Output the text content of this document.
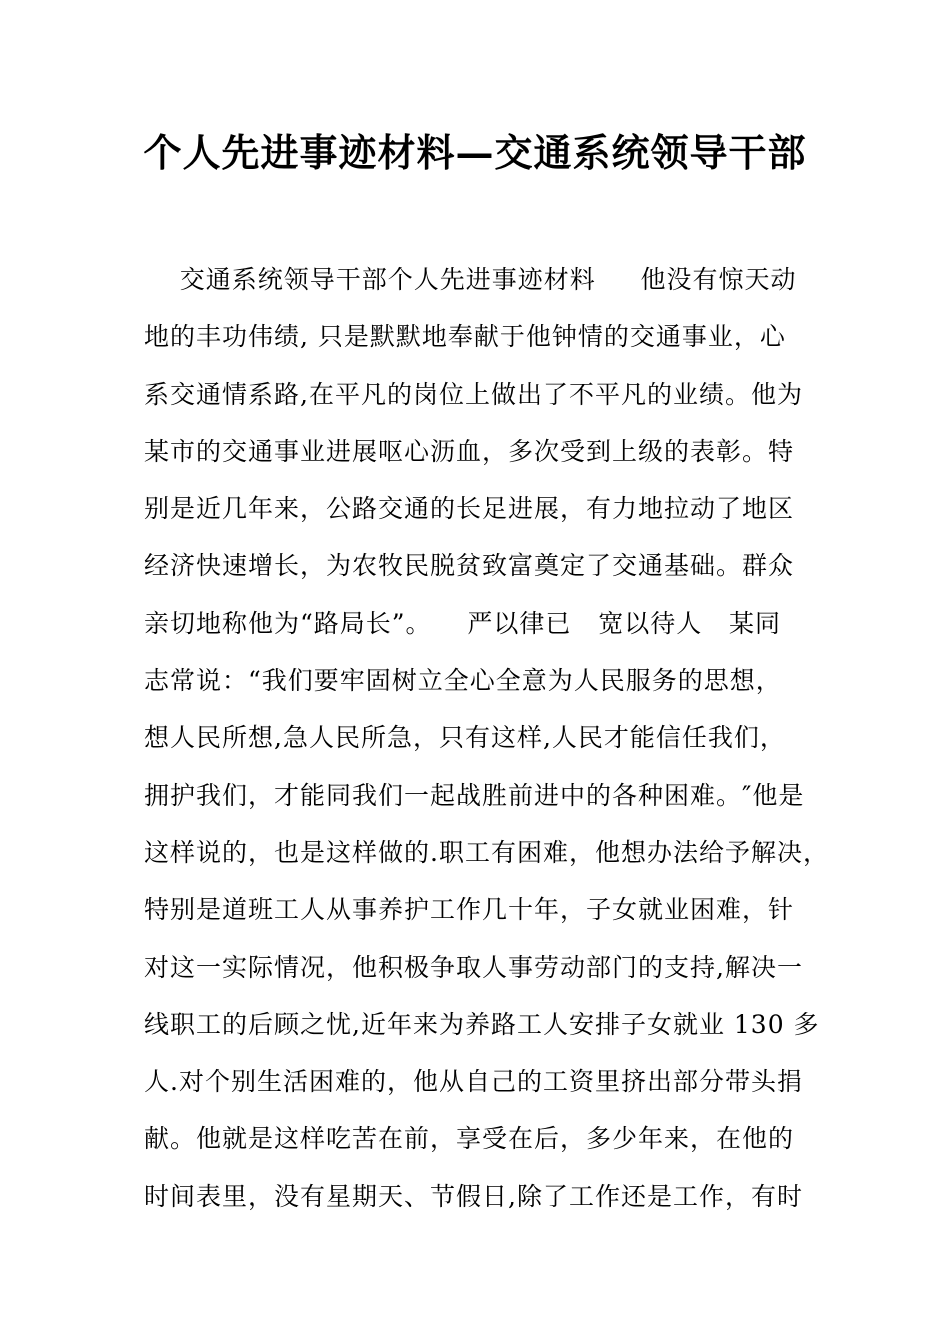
个人先进事迹材料—交通系统领导干部
交通系统领导干部个人先进事迹材料     他没有惊天动
地的丰功伟绩, 只是默默地奉献于他钟情的交通事业，心
系交通情系路,在平凡的岗位上做出了不平凡的业绩。他为
某市的交通事业进展呕心沥血，多次受到上级的表彰。特
别是近几年来，公路交通的长足进展，有力地拉动了地区
经济快速增长，为农牧民脱贫致富奠定了交通基础。群众
亲切地称他为“路局长”。    严以律已   宽以待人   某同
志常说：“我们要牢固树立全心全意为人民服务的思想，
想人民所想,急人民所急，只有这样,人民才能信任我们，
拥护我们，才能同我们一起战胜前进中的各种困难。″他是
这样说的，也是这样做的.职工有困难，他想办法给予解决，
特别是道班工人从事养护工作几十年，子女就业困难，针
对这一实际情况，他积极争取人事劳动部门的支持,解决一
线职工的后顾之忧,近年来为养路工人安排子女就业 130 多
人.对个别生活困难的，他从自己的工资里挤出部分带头捐
献。他就是这样吃苦在前，享受在后，多少年来，在他的
时间表里，没有星期天、节假日,除了工作还是工作，有时
